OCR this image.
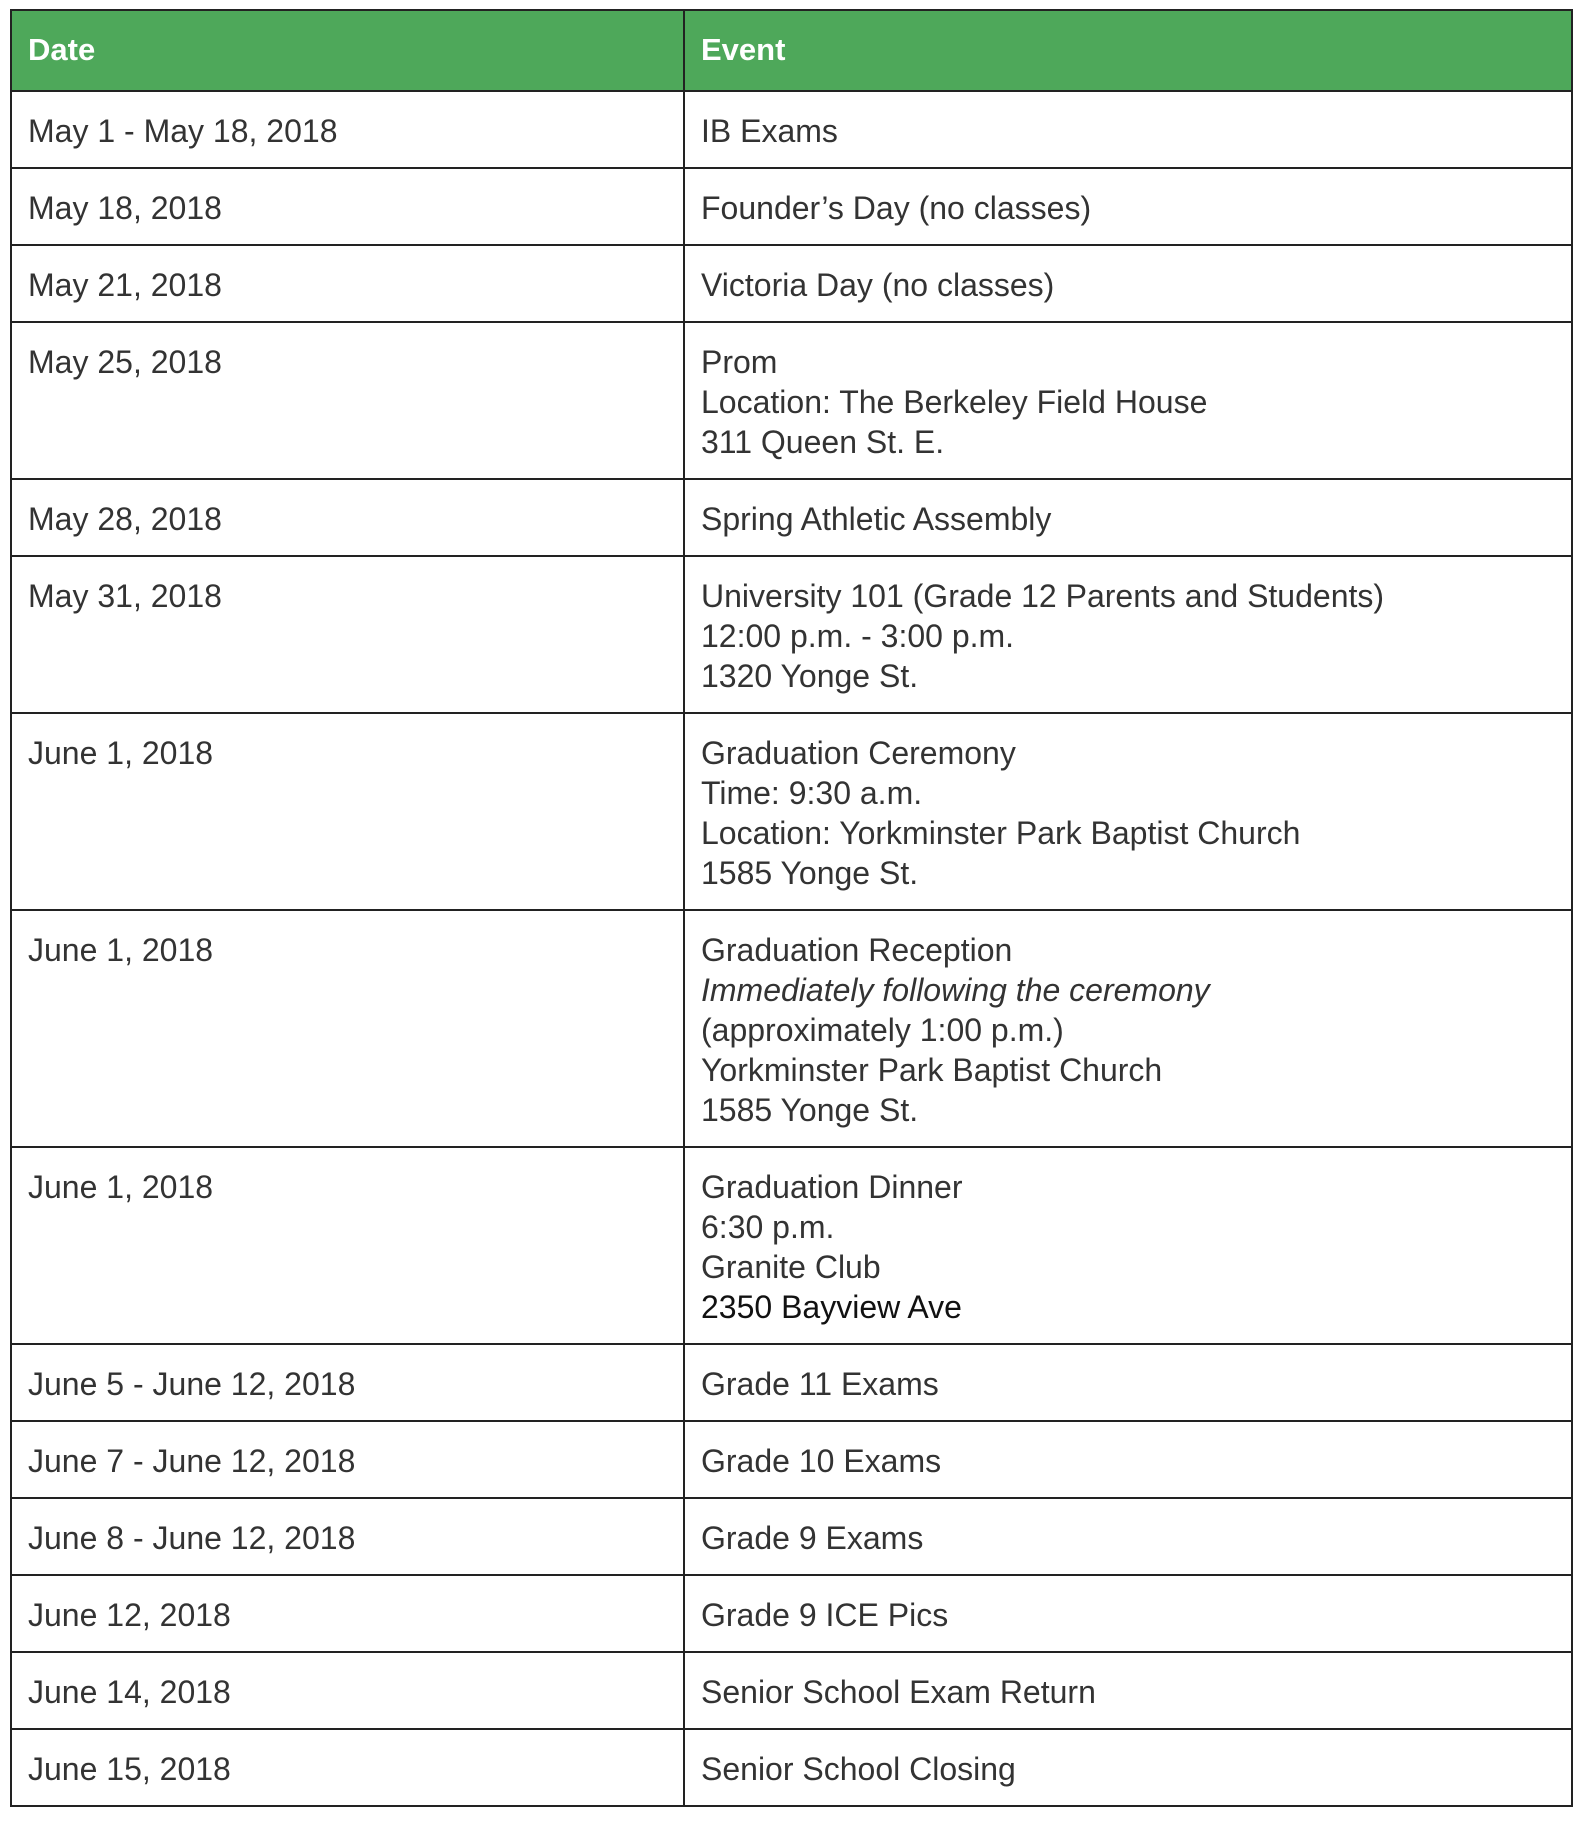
Date	Event
May 1 - May 18, 2018	IB Exams

May 18, 2018	Founder’s Day (no classes)

May 21, 2018	Victoria Day (no classes)

May 25, 2018	Prom
Location: The Berkeley Field House
311 Queen St. E.

May 28, 2018	Spring Athletic Assembly

May 31, 2018	University 101 (Grade 12 Parents and Students)
12:00 p.m. - 3:00 p.m.
1320 Yonge St.

June 1, 2018	Graduation Ceremony
Time: 9:30 a.m.
Location: Yorkminster Park Baptist Church
1585 Yonge St.

June 1, 2018	Graduation Reception
Immediately following the ceremony
(approximately 1:00 p.m.)
Yorkminster Park Baptist Church
1585 Yonge St.

June 1, 2018	Graduation Dinner
6:30 p.m.
Granite Club
2350 Bayview Ave

June 5 - June 12, 2018	Grade 11 Exams

June 7 - June 12, 2018	Grade 10 Exams

June 8 - June 12, 2018	Grade 9 Exams

June 12, 2018	Grade 9 ICE Pics

June 14, 2018	Senior School Exam Return

June 15, 2018	Senior School Closing
